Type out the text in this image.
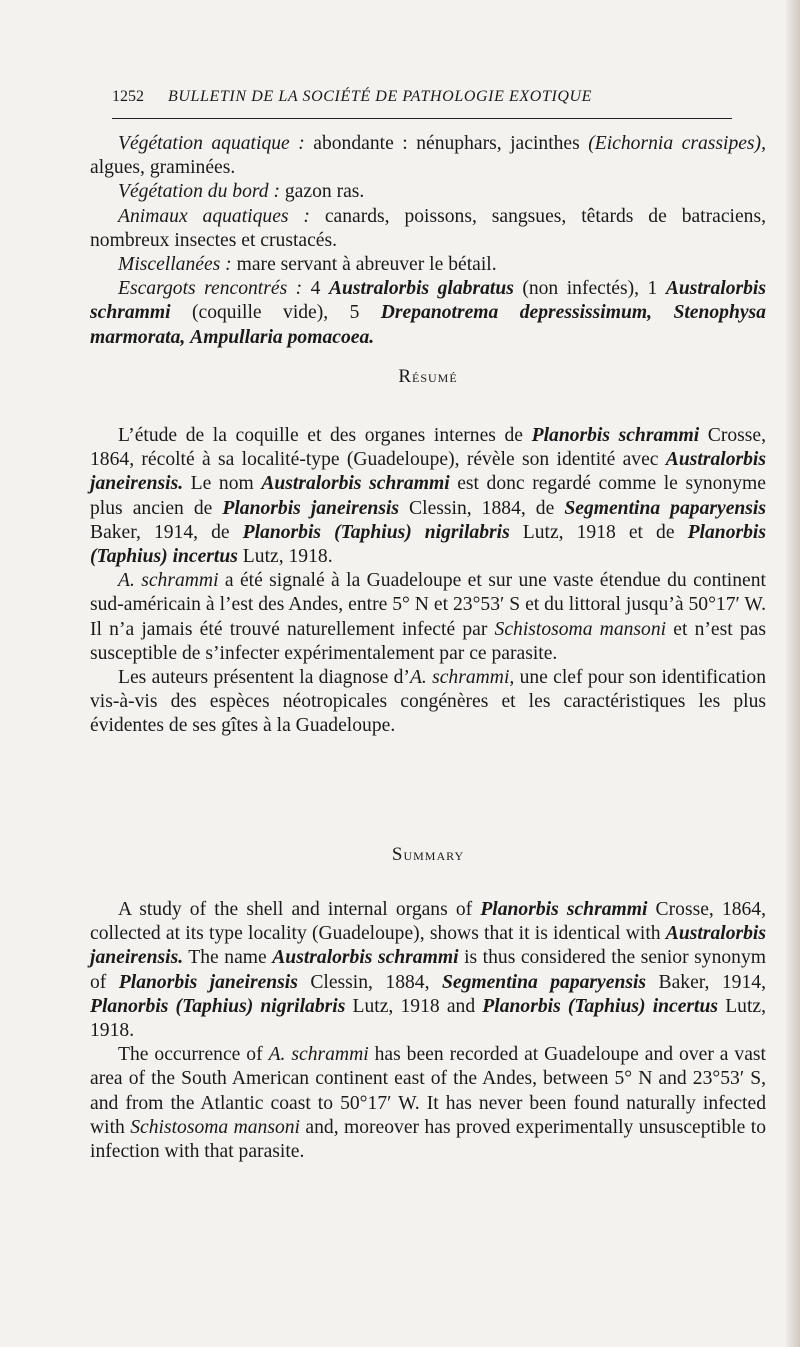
1252	BULLETIN DE LA SOCIÉTÉ DE PATHOLOGIE EXOTIQUE

Végétation aquatique : abondante : nénuphars, jacinthes (Eichornia crassipes), algues, graminées.

Végétation du bord : gazon ras.

Animaux aquatiques : canards, poissons, sangsues, têtards de batraciens, nombreux insectes et crustacés.

Miscellanées : mare servant à abreuver le bétail.

Escargots rencontrés : 4 Australorbis glabratus (non infectés), 1 Australorbis schrammi (coquille vide), 5 Drepanotrema depressissimum, Stenophysa marmorata, Ampullaria pomacoea.

Résumé

L’étude de la coquille et des organes internes de Planorbis schrammi Crosse, 1864, récolté à sa localité-type (Guadeloupe), révèle son identité avec Australorbis janeirensis. Le nom Australorbis schrammi est donc regardé comme le synonyme plus ancien de Planorbis janeirensis Clessin, 1884, de Segmentina paparyensis Baker, 1914, de Planorbis (Taphius) nigrilabris Lutz, 1918 et de Planorbis (Taphius) incertus Lutz, 1918.

A. schrammi a été signalé à la Guadeloupe et sur une vaste étendue du continent sud-américain à l’est des Andes, entre 5° N et 23°53′ S et du littoral jusqu’à 50°17′ W. Il n’a jamais été trouvé naturellement infecté par Schistosoma mansoni et n’est pas susceptible de s’infecter expérimentalement par ce parasite.

Les auteurs présentent la diagnose d’A. schrammi, une clef pour son identification vis-à-vis des espèces néotropicales congénères et les caractéristiques les plus évidentes de ses gîtes à la Guadeloupe.

Summary

A study of the shell and internal organs of Planorbis schrammi Crosse, 1864, collected at its type locality (Guadeloupe), shows that it is identical with Australorbis janeirensis. The name Australorbis schrammi is thus considered the senior synonym of Planorbis janeirensis Clessin, 1884, Segmentina paparyensis Baker, 1914, Planorbis (Taphius) nigrilabris Lutz, 1918 and Planorbis (Taphius) incertus Lutz, 1918.

The occurrence of A. schrammi has been recorded at Guadeloupe and over a vast area of the South American continent east of the Andes, between 5° N and 23°53′ S, and from the Atlantic coast to 50°17′ W. It has never been found naturally infected with Schistosoma mansoni and, moreover has proved experimentally unsusceptible to infection with that parasite.
